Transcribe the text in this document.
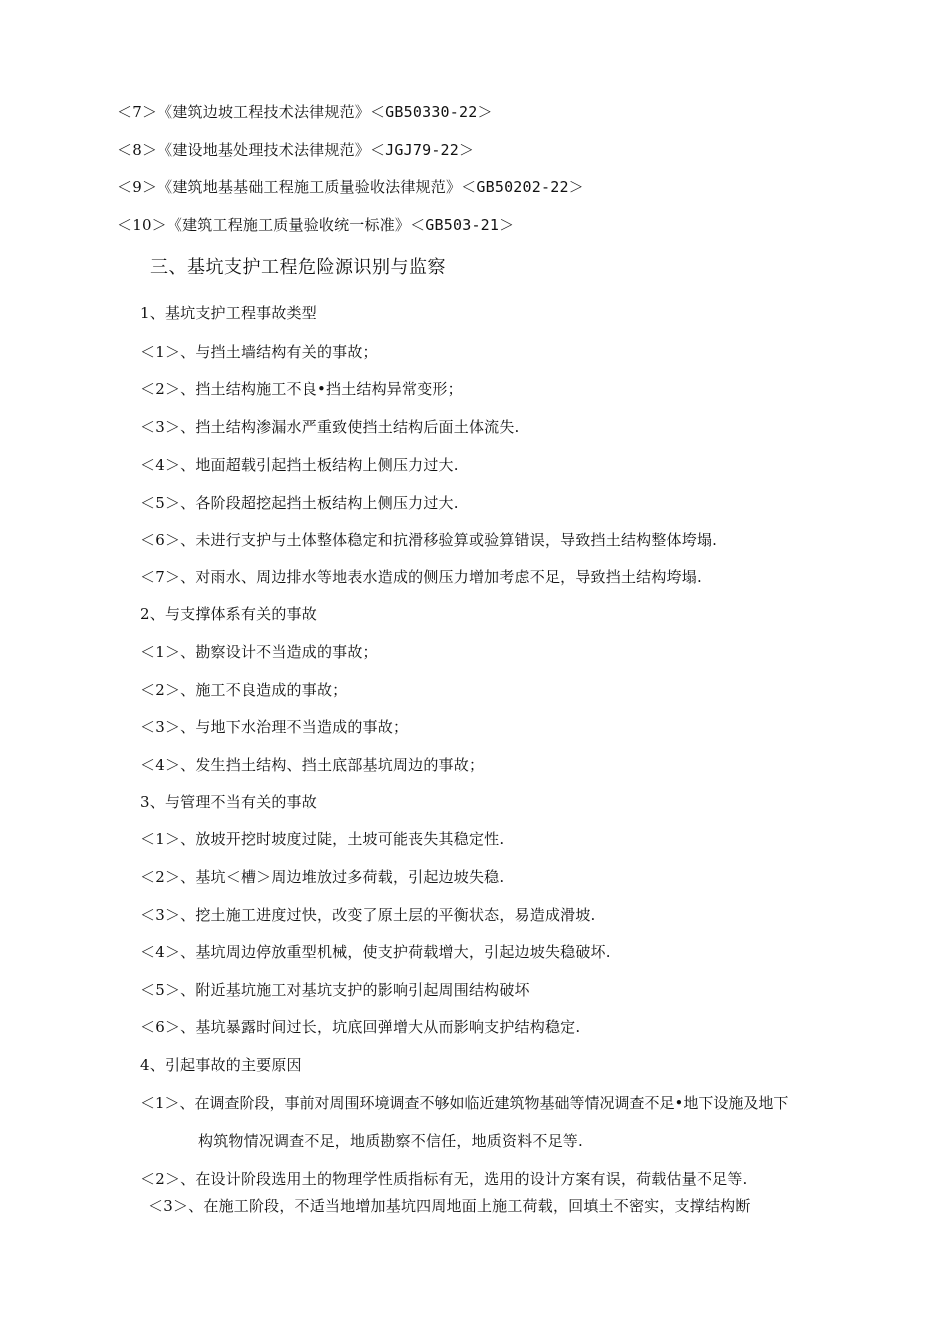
＜7＞《建筑边坡工程技术法律规范》＜GB50330-22＞
＜8＞《建设地基处理技术法律规范》＜JGJ79-22＞
＜9＞《建筑地基基础工程施工质量验收法律规范》＜GB50202-22＞
＜10＞《建筑工程施工质量验收统一标准》＜GB503-21＞
三、基坑支护工程危险源识别与监察
1、基坑支护工程事故类型
＜1＞、与挡土墙结构有关的事故；
＜2＞、挡土结构施工不良•挡土结构异常变形；
＜3＞、挡土结构渗漏水严重致使挡土结构后面土体流失.
＜4＞、地面超载引起挡土板结构上侧压力过大.
＜5＞、各阶段超挖起挡土板结构上侧压力过大.
＜6＞、未进行支护与土体整体稳定和抗滑移验算或验算错误，导致挡土结构整体垮塌.
＜7＞、对雨水、周边排水等地表水造成的侧压力增加考虑不足，导致挡土结构垮塌.
2、与支撑体系有关的事故
＜1＞、勘察设计不当造成的事故；
＜2＞、施工不良造成的事故；
＜3＞、与地下水治理不当造成的事故；
＜4＞、发生挡土结构、挡土底部基坑周边的事故；
3、与管理不当有关的事故
＜1＞、放坡开挖时坡度过陡，土坡可能丧失其稳定性.
＜2＞、基坑＜槽＞周边堆放过多荷载，引起边坡失稳.
＜3＞、挖土施工进度过快，改变了原土层的平衡状态，易造成滑坡.
＜4＞、基坑周边停放重型机械，使支护荷载增大，引起边坡失稳破坏.
＜5＞、附近基坑施工对基坑支护的影响引起周围结构破坏
＜6＞、基坑暴露时间过长，坑底回弹增大从而影响支护结构稳定.
4、引起事故的主要原因
＜1＞、在调查阶段，事前对周围环境调查不够如临近建筑物基础等情况调查不足•地下设施及地下
构筑物情况调查不足，地质勘察不信任，地质资料不足等.
＜2＞、在设计阶段选用土的物理学性质指标有无，选用的设计方案有误，荷载估量不足等.
＜3＞、在施工阶段，不适当地增加基坑四周地面上施工荷载，回填土不密实，支撑结构断
